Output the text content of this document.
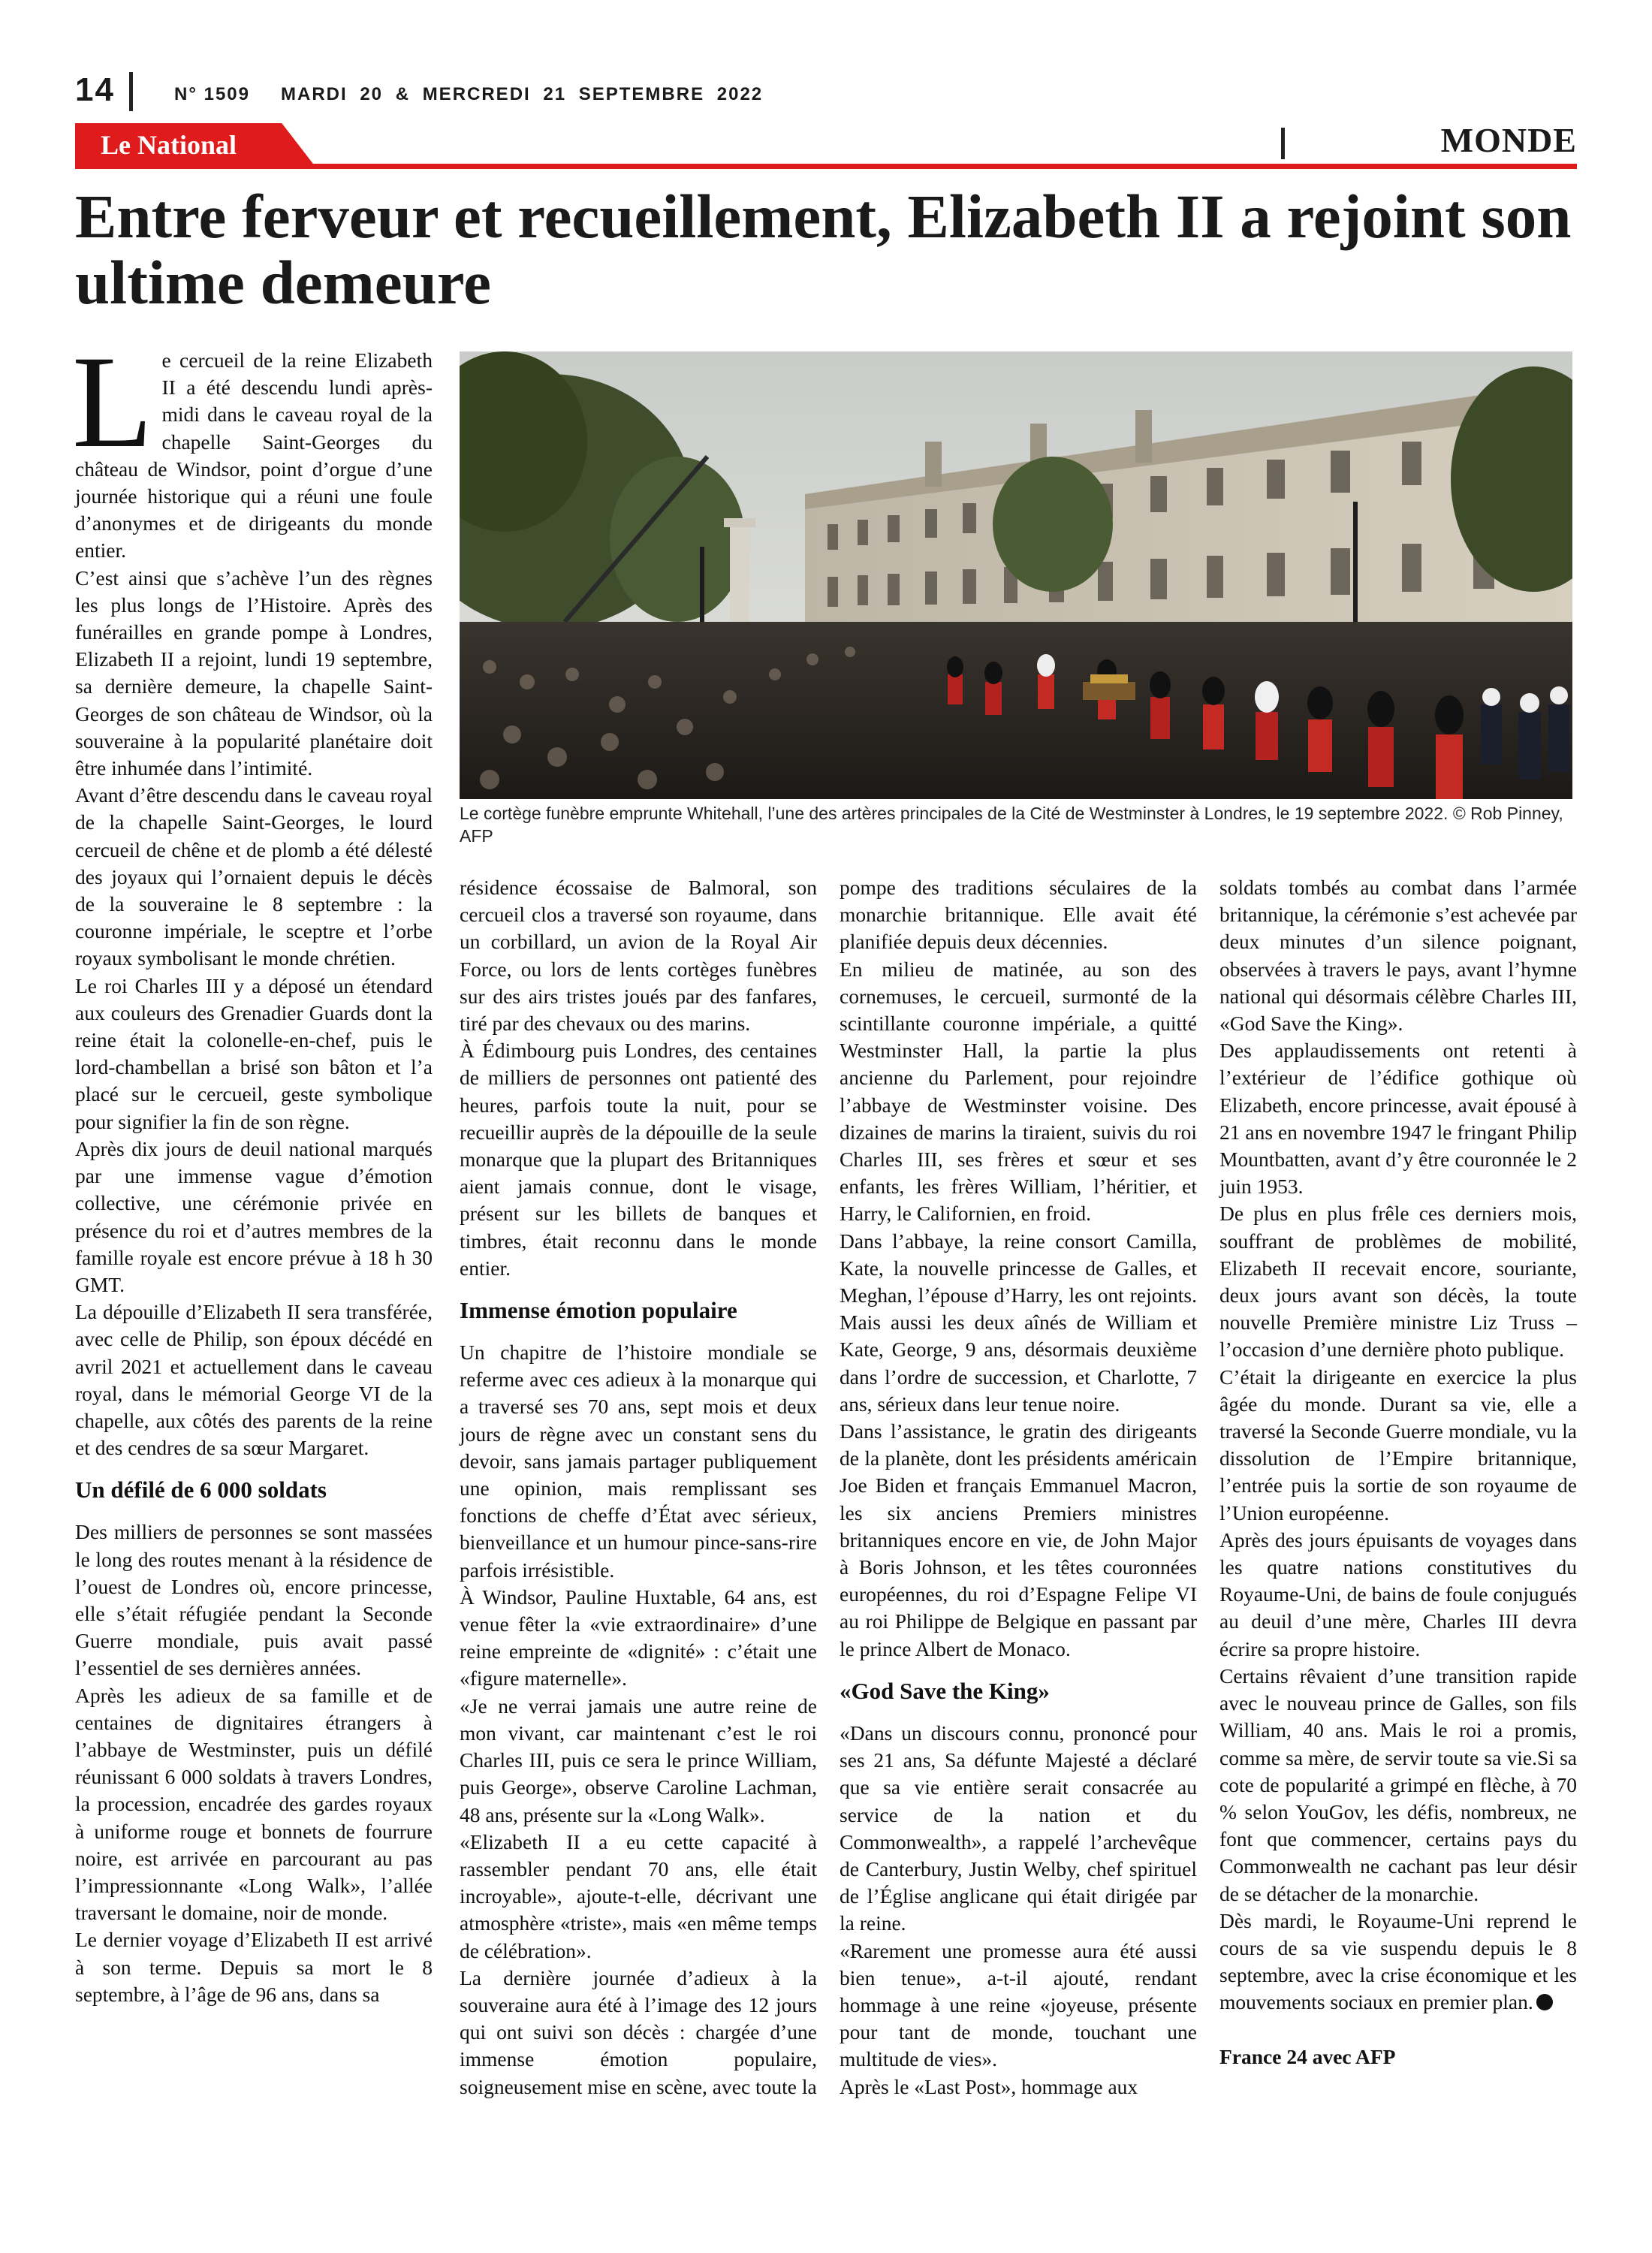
14	N° 1509 MARDI 20 & MERCREDI 21 SEPTEMBRE 2022
Le National	MONDE
Entre ferveur et recueillement, Elizabeth II a rejoint son ultime demeure
Le cortège funèbre emprunte Whitehall, l’une des artères principales de la Cité de Westminster à Londres, le 19 septembre 2022. © Rob Pinney, AFP

Le cercueil de la reine Elizabeth II a été descendu lundi après-midi dans le caveau royal de la chapelle Saint-Georges du château de Windsor, point d’orgue d’une journée historique qui a réuni une foule d’anonymes et de dirigeants du monde entier.

C’est ainsi que s’achève l’un des règnes les plus longs de l’Histoire. Après des funérailles en grande pompe à Londres, Elizabeth II a rejoint, lundi 19 septembre, sa dernière demeure, la chapelle Saint-Georges de son château de Windsor, où la souveraine à la popularité planétaire doit être inhumée dans l’intimité.

Avant d’être descendu dans le caveau royal de la chapelle Saint-Georges, le lourd cercueil de chêne et de plomb a été délesté des joyaux qui l’ornaient depuis le décès de la souveraine le 8 septembre : la couronne impériale, le sceptre et l’orbe royaux symbolisant le monde chrétien.

Le roi Charles III y a déposé un étendard aux couleurs des Grenadier Guards dont la reine était la colonelle-en-chef, puis le lord-chambellan a brisé son bâton et l’a placé sur le cercueil, geste symbolique pour signifier la fin de son règne.

Après dix jours de deuil national marqués par une immense vague d’émotion collective, une cérémonie privée en présence du roi et d’autres membres de la famille royale est encore prévue à 18 h 30 GMT.

La dépouille d’Elizabeth II sera transférée, avec celle de Philip, son époux décédé en avril 2021 et actuellement dans le caveau royal, dans le mémorial George VI de la chapelle, aux côtés des parents de la reine et des cendres de sa sœur Margaret.

Un défilé de 6 000 soldats

Des milliers de personnes se sont massées le long des routes menant à la résidence de l’ouest de Londres où, encore princesse, elle s’était réfugiée pendant la Seconde Guerre mondiale, puis avait passé l’essentiel de ses dernières années.

Après les adieux de sa famille et de centaines de dignitaires étrangers à l’abbaye de Westminster, puis un défilé réunissant 6 000 soldats à travers Londres, la procession, encadrée des gardes royaux à uniforme rouge et bonnets de fourrure noire, est arrivée en parcourant au pas l’impressionnante «Long Walk», l’allée traversant le domaine, noir de monde.

Le dernier voyage d’Elizabeth II est arrivé à son terme. Depuis sa mort le 8 septembre, à l’âge de 96 ans, dans sa

résidence écossaise de Balmoral, son cercueil clos a traversé son royaume, dans un corbillard, un avion de la Royal Air Force, ou lors de lents cortèges funèbres sur des airs tristes joués par des fanfares, tiré par des chevaux ou des marins.

À Édimbourg puis Londres, des centaines de milliers de personnes ont patienté des heures, parfois toute la nuit, pour se recueillir auprès de la dépouille de la seule monarque que la plupart des Britanniques aient jamais connue, dont le visage, présent sur les billets de banques et timbres, était reconnu dans le monde entier.

Immense émotion populaire

Un chapitre de l’histoire mondiale se referme avec ces adieux à la monarque qui a traversé ses 70 ans, sept mois et deux jours de règne avec un constant sens du devoir, sans jamais partager publiquement une opinion, mais remplissant ses fonctions de cheffe d’État avec sérieux, bienveillance et un humour pince-sans-rire parfois irrésistible.

À Windsor, Pauline Huxtable, 64 ans, est venue fêter la «vie extraordinaire» d’une reine empreinte de «dignité» : c’était une «figure maternelle».

«Je ne verrai jamais une autre reine de mon vivant, car maintenant c’est le roi Charles III, puis ce sera le prince William, puis George», observe Caroline Lachman, 48 ans, présente sur la «Long Walk».

«Elizabeth II a eu cette capacité à rassembler pendant 70 ans, elle était incroyable», ajoute-t-elle, décrivant une atmosphère «triste», mais «en même temps de célébration».

La dernière journée d’adieux à la souveraine aura été à l’image des 12 jours qui ont suivi son décès : chargée d’une immense émotion populaire, soigneusement mise en scène, avec toute la

pompe des traditions séculaires de la monarchie britannique. Elle avait été planifiée depuis deux décennies.

En milieu de matinée, au son des cornemuses, le cercueil, surmonté de la scintillante couronne impériale, a quitté Westminster Hall, la partie la plus ancienne du Parlement, pour rejoindre l’abbaye de Westminster voisine. Des dizaines de marins la tiraient, suivis du roi Charles III, ses frères et sœur et ses enfants, les frères William, l’héritier, et Harry, le Californien, en froid.

Dans l’abbaye, la reine consort Camilla, Kate, la nouvelle princesse de Galles, et Meghan, l’épouse d’Harry, les ont rejoints. Mais aussi les deux aînés de William et Kate, George, 9 ans, désormais deuxième dans l’ordre de succession, et Charlotte, 7 ans, sérieux dans leur tenue noire.

Dans l’assistance, le gratin des dirigeants de la planète, dont les présidents américain Joe Biden et français Emmanuel Macron, les six anciens Premiers ministres britanniques encore en vie, de John Major à Boris Johnson, et les têtes couronnées européennes, du roi d’Espagne Felipe VI au roi Philippe de Belgique en passant par le prince Albert de Monaco.

«God Save the King»

«Dans un discours connu, prononcé pour ses 21 ans, Sa défunte Majesté a déclaré que sa vie entière serait consacrée au service de la nation et du Commonwealth», a rappelé l’archevêque de Canterbury, Justin Welby, chef spirituel de l’Église anglicane qui était dirigée par la reine.

«Rarement une promesse aura été aussi bien tenue», a-t-il ajouté, rendant hommage à une reine «joyeuse, présente pour tant de monde, touchant une multitude de vies».

Après le «Last Post», hommage aux

soldats tombés au combat dans l’armée britannique, la cérémonie s’est achevée par deux minutes d’un silence poignant, observées à travers le pays, avant l’hymne national qui désormais célèbre Charles III, «God Save the King».

Des applaudissements ont retenti à l’extérieur de l’édifice gothique où Elizabeth, encore princesse, avait épousé à 21 ans en novembre 1947 le fringant Philip Mountbatten, avant d’y être couronnée le 2 juin 1953.

De plus en plus frêle ces derniers mois, souffrant de problèmes de mobilité, Elizabeth II recevait encore, souriante, deux jours avant son décès, la toute nouvelle Première ministre Liz Truss – l’occasion d’une dernière photo publique.

C’était la dirigeante en exercice la plus âgée du monde. Durant sa vie, elle a traversé la Seconde Guerre mondiale, vu la dissolution de l’Empire britannique, l’entrée puis la sortie de son royaume de l’Union européenne.

Après des jours épuisants de voyages dans les quatre nations constitutives du Royaume-Uni, de bains de foule conjugués au deuil d’une mère, Charles III devra écrire sa propre histoire.

Certains rêvaient d’une transition rapide avec le nouveau prince de Galles, son fils William, 40 ans. Mais le roi a promis, comme sa mère, de servir toute sa vie.Si sa cote de popularité a grimpé en flèche, à 70 % selon YouGov, les défis, nombreux, ne font que commencer, certains pays du Commonwealth ne cachant pas leur désir de se détacher de la monarchie.

Dès mardi, le Royaume-Uni reprend le cours de sa vie suspendu depuis le 8 septembre, avec la crise économique et les mouvements sociaux en premier plan.

France 24 avec AFP
